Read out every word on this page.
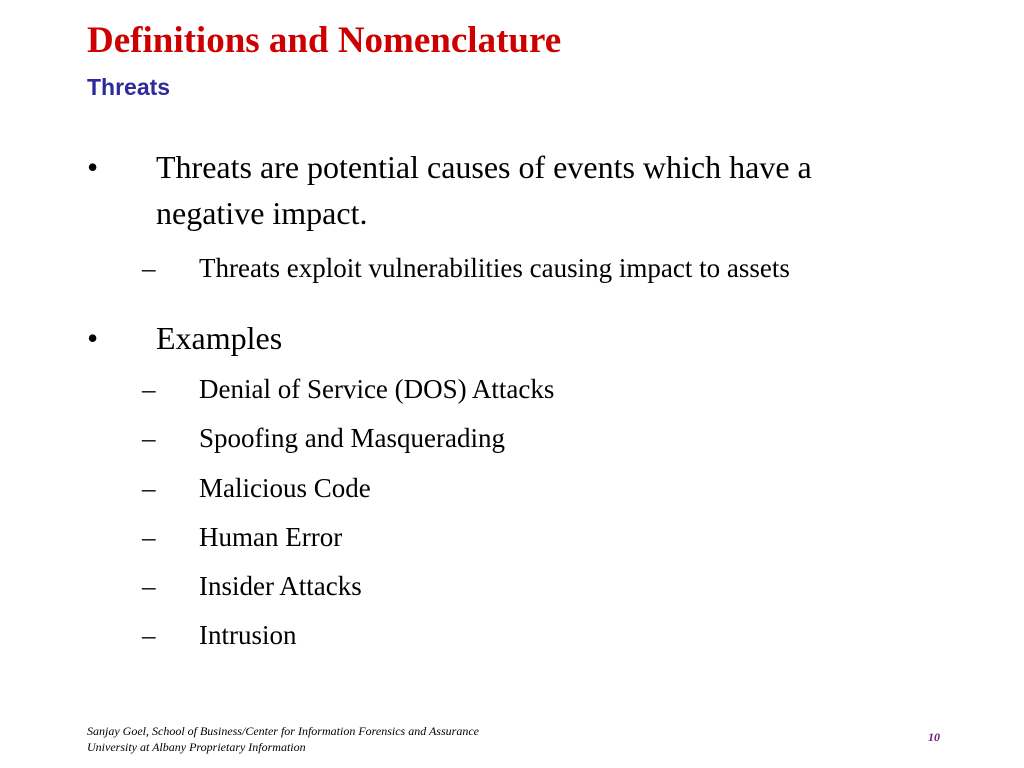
Definitions and Nomenclature
Threats
• Threats are potential causes of events which have a
negative impact.
– Threats exploit vulnerabilities causing impact to assets
• Examples
– Denial of Service (DOS) Attacks
– Spoofing and Masquerading
– Malicious Code
– Human Error
– Insider Attacks
– Intrusion
Sanjay Goel, School of Business/Center for Information Forensics and Assurance
University at Albany Proprietary Information
10
